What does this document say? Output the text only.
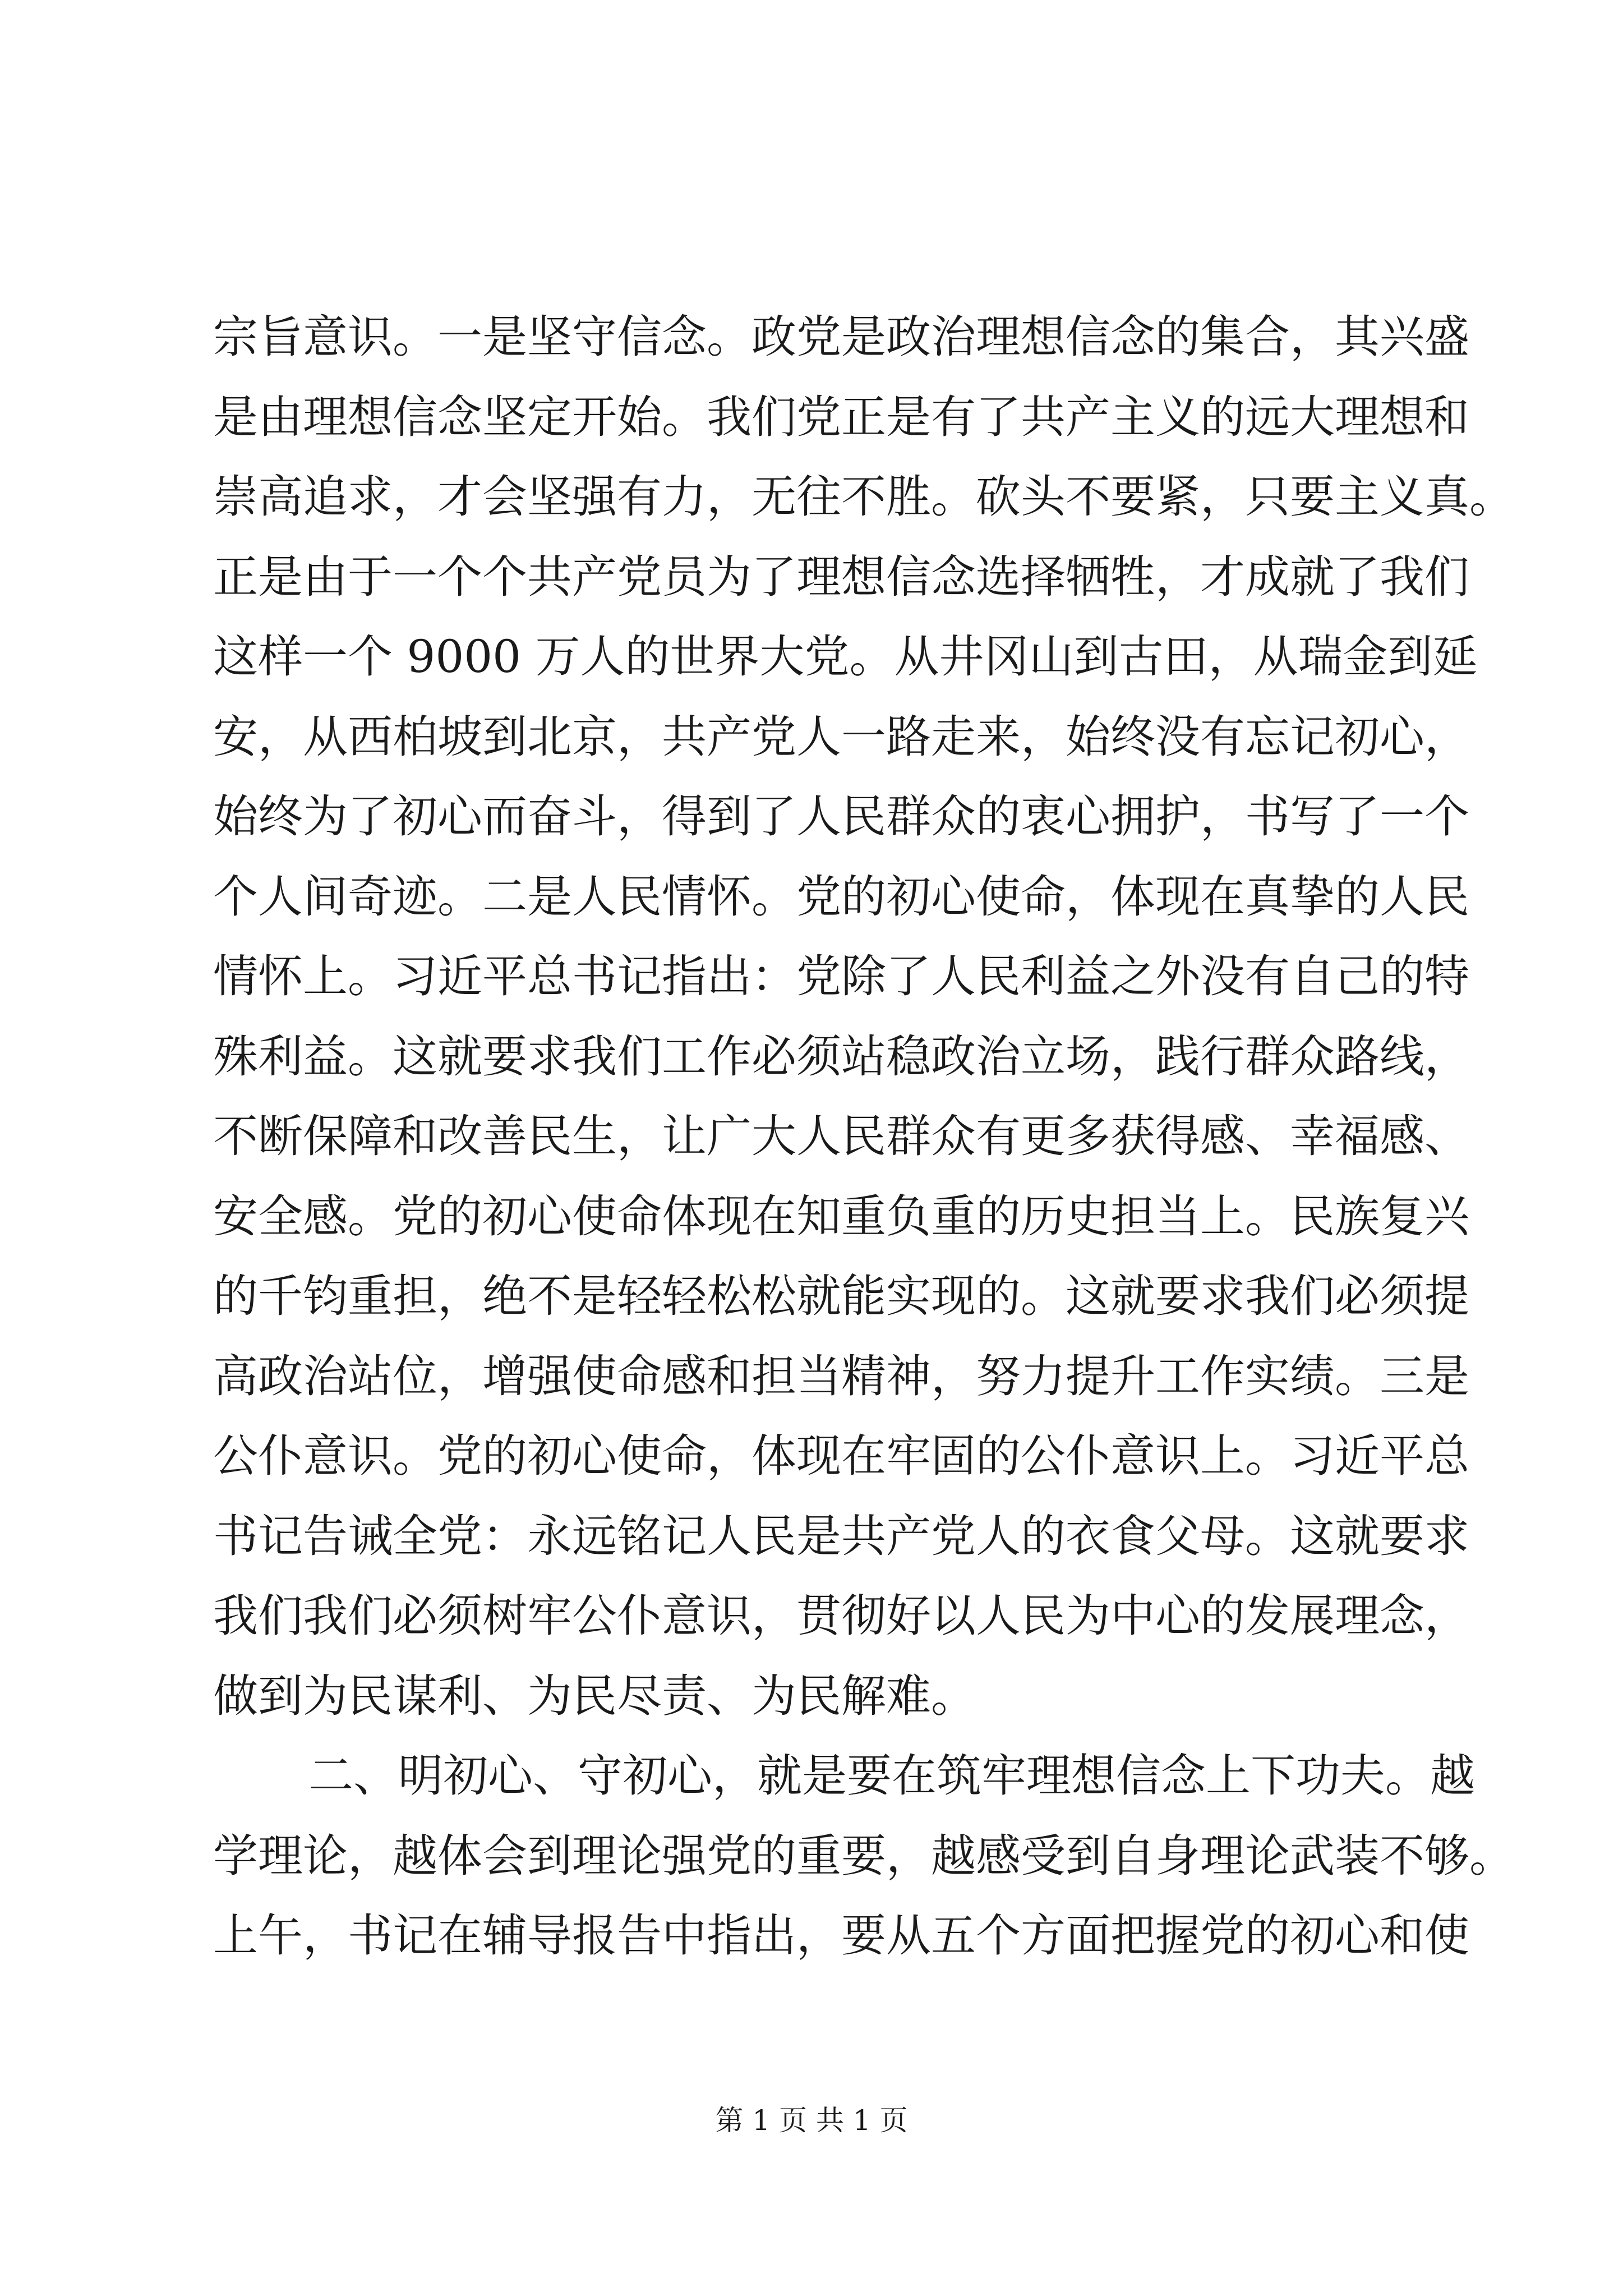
宗旨意识。一是坚守信念。政党是政治理想信念的集合，其兴盛
是由理想信念坚定开始。我们党正是有了共产主义的远大理想和
崇高追求，才会坚强有力，无往不胜。砍头不要紧，只要主义真。
正是由于一个个共产党员为了理想信念选择牺牲，才成就了我们
这样一个 9000 万人的世界大党。从井冈山到古田，从瑞金到延
安，从西柏坡到北京，共产党人一路走来，始终没有忘记初心，
始终为了初心而奋斗，得到了人民群众的衷心拥护，书写了一个
个人间奇迹。二是人民情怀。党的初心使命，体现在真挚的人民
情怀上。习近平总书记指出：党除了人民利益之外没有自己的特
殊利益。这就要求我们工作必须站稳政治立场，践行群众路线，
不断保障和改善民生，让广大人民群众有更多获得感、幸福感、
安全感。党的初心使命体现在知重负重的历史担当上。民族复兴
的千钧重担，绝不是轻轻松松就能实现的。这就要求我们必须提
高政治站位，增强使命感和担当精神，努力提升工作实绩。三是
公仆意识。党的初心使命，体现在牢固的公仆意识上。习近平总
书记告诫全党：永远铭记人民是共产党人的衣食父母。这就要求
我们我们必须树牢公仆意识，贯彻好以人民为中心的发展理念，
做到为民谋利、为民尽责、为民解难。
二、明初心、守初心，就是要在筑牢理想信念上下功夫。越
学理论，越体会到理论强党的重要，越感受到自身理论武装不够。
上午，书记在辅导报告中指出，要从五个方面把握党的初心和使
第 1 页 共 1 页
